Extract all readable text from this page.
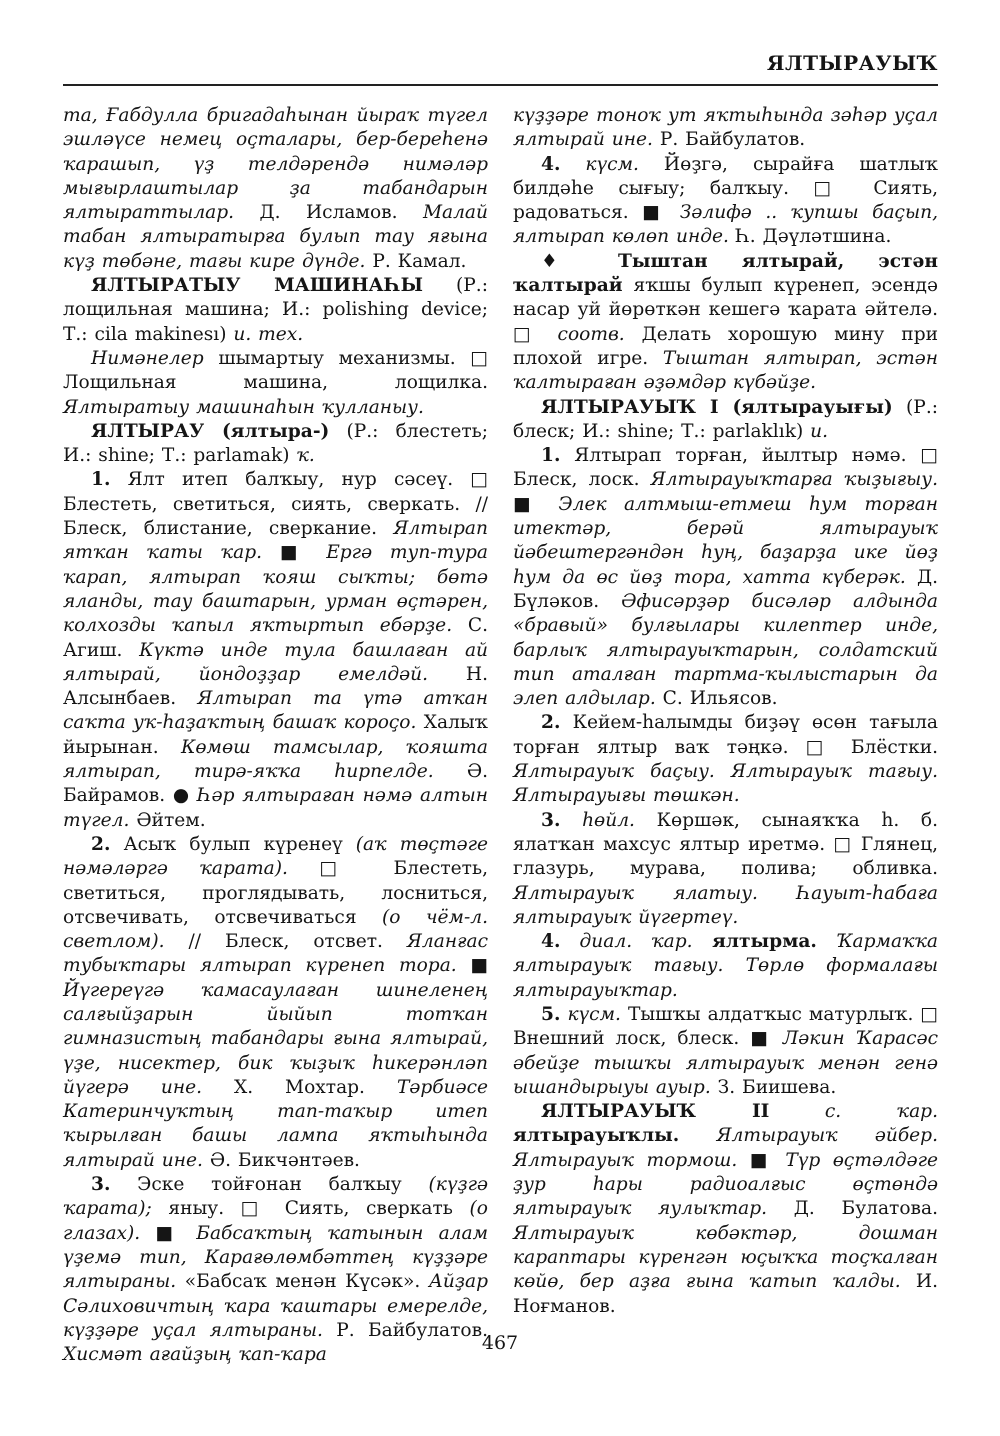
ЯЛТЫРАУЫҠ

та, Ғабдулла бригадаһынан йыраҡ түгел эшләүсе немец оҫталары, бер-береһенә ҡарашып, үҙ телдәрендә нимәләр мығырлаштылар ҙа табандарын ялтыраттылар. Д. Исламов. Малай табан ялтыратырға булып тау яғына күҙ төбәне, тағы кире дүнде. Р. Камал.

ЯЛТЫРАТЫУ МАШИНАҺЫ (Р.: лощильная машина; И.: polishing device; Т.: cila makinesı) и. тех.

Нимәнелер шымартыу механизмы. □ Лощильная машина, лощилка. Ялтыратыу машинаһын ҡулланыу.

ЯЛТЫРАУ (ялтыра-) (Р.: блестеть; И.: shine; Т.: parlamak) ҡ.

1. Ялт итеп балҡыу, нур сәсеү. □ Блестеть, светиться, сиять, сверкать. // Блеск, блистание, сверкание. Ялтырап ятҡан ҡаты ҡар. ■ Ергә туп-тура ҡарап, ялтырап ҡояш сыҡты; бөтә яланды, тау баштарын, урман өҫтәрен, колхозды ҡапыл яҡтыртып ебәрҙе. С. Агиш. Күктә инде тула башлаған ай ялтырай, йондоҙҙар емелдәй. Н. Алсынбаев. Ялтырап та үтә атҡан саҡта уҡ-һаҙаҡтың башаҡ короҫо. Халыҡ йырынан. Көмөш тамсылар, ҡояшта ялтырап, тирә-яҡҡа һирпелде. Ә. Байрамов. ● Һәр ялтыраған нәмә алтын түгел. Әйтем.

2. Асыҡ булып күренеү (аҡ төҫтәге нәмәләргә ҡарата). □ Блестеть, светиться, проглядывать, лосниться, отсвечивать, отсвечиваться (о чём-л. светлом). // Блеск, отсвет. Яланғас тубыҡтары ялтырап күренеп тора. ■ Йүгереүгә ҡамасаулаған шинеленең салғыйҙарын йыйып тотҡан гимназистың табандары ғына ялтырай, үҙе, нисектер, бик ҡыҙыҡ һикерәнләп йүгерә ине. Х. Мохтар. Тәрбиәсе Катеринчуҡтың тап-таҡыр итеп ҡырылған башы лампа яҡтыһында ялтырай ине. Ә. Бикчәнтәев.

3. Эске тойғонан балҡыу (күҙгә ҡарата); яныу. □ Сиять, сверкать (о глазах). ■ Бабсаҡтың ҡатынын алам үҙемә тип, Карағөлөмбәттең күҙҙәре ялтыраны. «Бабсаҡ менән Күсәк». Айҙар Сәлиховичтың ҡара ҡаштары емерелде, күҙҙәре уҫал ялтыраны. Р. Байбулатов. Хисмәт ағайҙың ҡап-ҡара

күҙҙәре тоноҡ ут яҡтыһында зәһәр уҫал ялтырай ине. Р. Байбулатов.

4. күсм. Йөҙгә, сырайға шатлыҡ билдәһе сығыу; балҡыу. □ Сиять, радоваться. ■ Зәлифә .. ҡупшы баҫып, ялтырап көлөп инде. Һ. Дәүләтшина.

♦ Тыштан ялтырай, эстән ҡалтырай яҡшы булып күренеп, эсендә насар уй йөрөткән кешегә ҡарата әйтелә. □ соотв. Делать хорошую мину при плохой игре. Тыштан ялтырап, эстән ҡалтыраған әҙәмдәр күбәйҙе.

ЯЛТЫРАУЫҠ I (ялтырауығы) (Р.: блеск; И.: shine; Т.: parlaklık) и.

1. Ялтырап торған, йылтыр нәмә. □ Блеск, лоск. Ялтырауыҡтарға ҡыҙығыу. ■ Элек алтмыш-етмеш һум торған итектәр, берәй ялтырауыҡ йәбештергәндән һуң, баҙарҙа ике йөҙ һум да өс йөҙ тора, хатта күберәк. Д. Бүләков. Әфисәрҙәр бисәләр алдында «бравый» булғылары килептер инде, барлыҡ ялтырауыҡтарын, солдатский тип аталған тартма-ҡылыстарын да элеп алдылар. С. Ильясов.

2. Кейем-һалымды биҙәү өсөн тағыла торған ялтыр ваҡ тәңкә. □ Блёстки. Ялтырауыҡ баҫыу. Ялтырауыҡ тағыу. Ялтырауығы төшкән.

3. һөйл. Көршәк, сынаяҡҡа һ. б. ялатҡан махсус ялтыр иретмә. □ Глянец, глазурь, мурава, полива; обливка. Ялтырауыҡ ялатыу. Һауыт-һабаға ялтырауыҡ йүгертеү.

4. диал. ҡар. ялтырма. Ҡармаҡҡа ялтырауыҡ тағыу. Төрлө формалағы ялтырауыҡтар.

5. күсм. Тышҡы алдатҡыс матурлыҡ. □ Внешний лоск, блеск. ■ Ләкин Ҡарасәс әбейҙе тышҡы ялтырауыҡ менән генә ышандырыуы ауыр. З. Биишева.

ЯЛТЫРАУЫҠ II с. ҡар. ялтырауыҡлы. Ялтырауыҡ әйбер. Ялтырауыҡ тормош. ■ Түр өҫтәлдәге ҙур һары радиоалғыс өҫтөндә ялтырауыҡ яулыҡтар. Д. Булатова. Ялтырауыҡ көбәктәр, дошман караптары күренгән юҫыҡҡа тоҫҡалған көйө, бер аҙға ғына ҡатып ҡалды. И. Ноғманов.

467
